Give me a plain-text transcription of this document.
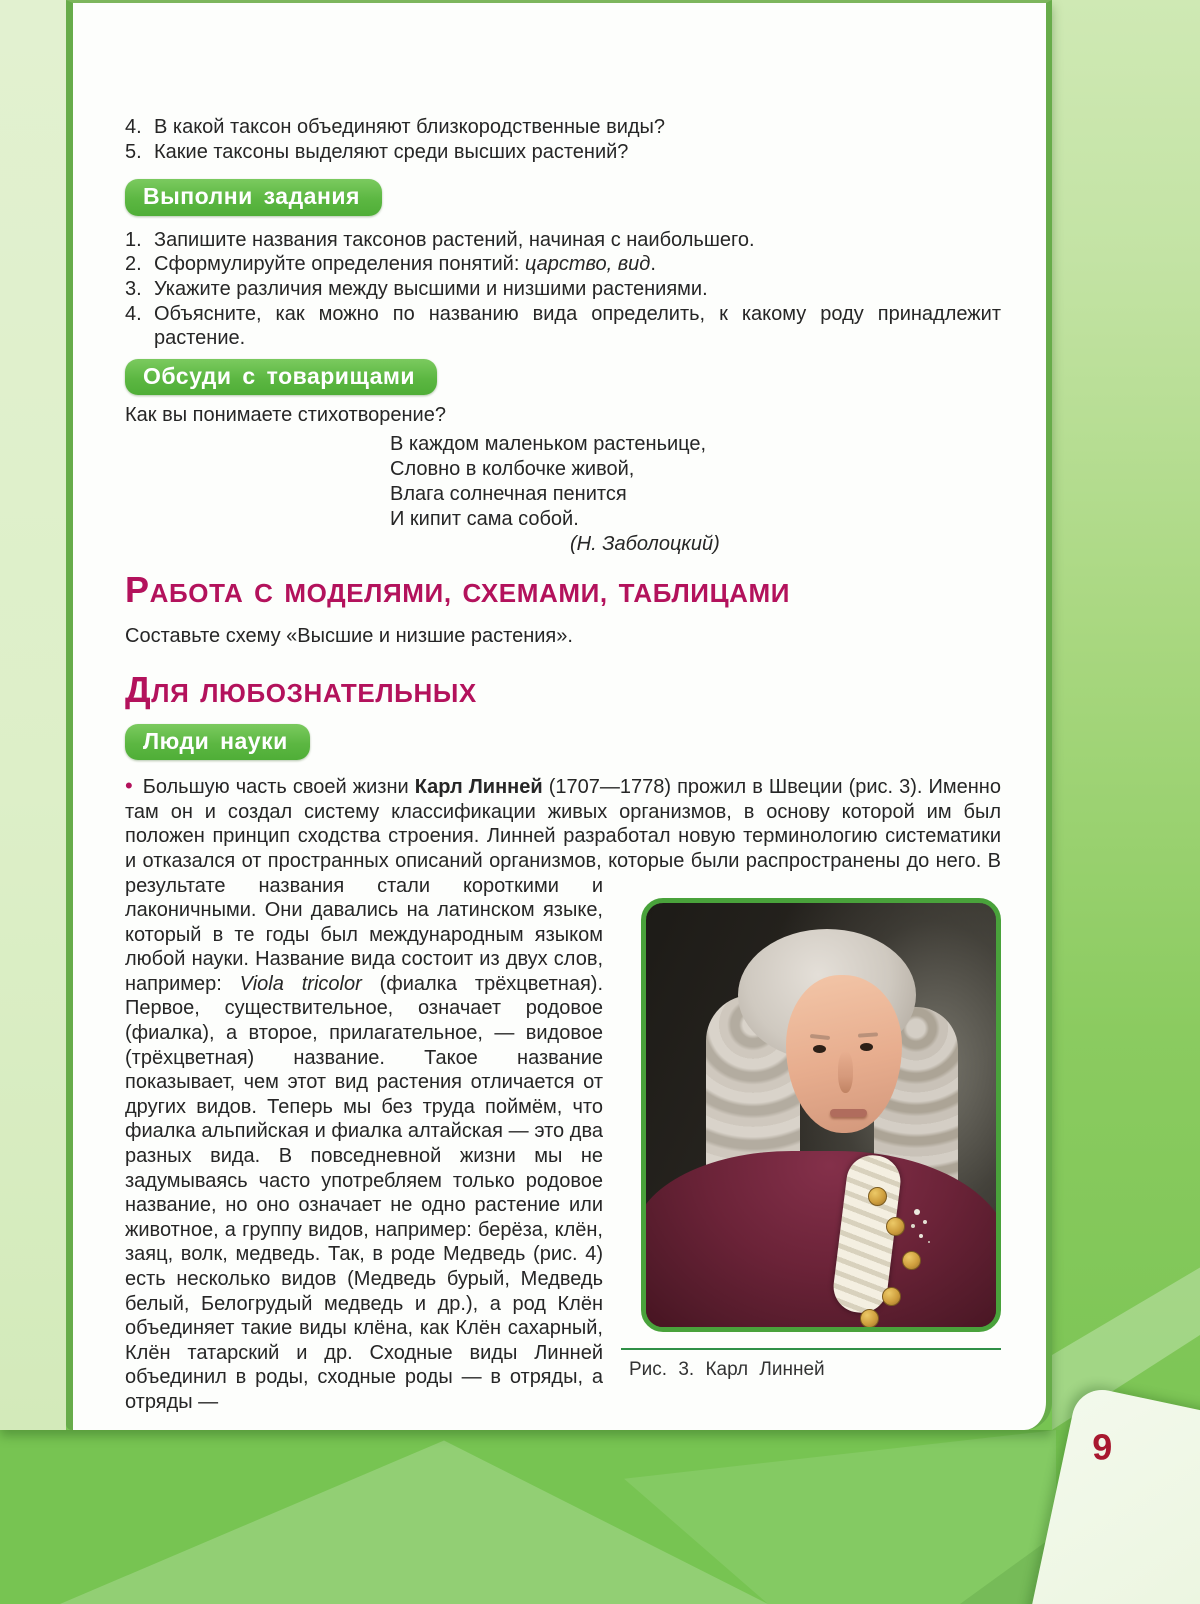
9
4. В какой таксон объединяют близкородственные виды?
5. Какие таксоны выделяют среди высших растений?
Выполни задания
1. Запишите названия таксонов растений, начиная с наибольшего.
2. Сформулируйте определения понятий: царство, вид.
3. Укажите различия между высшими и низшими растениями.
4. Объясните, как можно по названию вида определить, к какому роду принадлежит растение.
Обсуди с товарищами
Как вы понимаете стихотворение?
В каждом маленьком растеньице,
Словно в колбочке живой,
Влага солнечная пенится
И кипит сама собой.
(Н. Заболоцкий)
РАБОТА С МОДЕЛЯМИ, СХЕМАМИ, ТАБЛИЦАМИ
Составьте схему «Высшие и низшие растения».
ДЛЯ ЛЮБОЗНАТЕЛЬНЫХ
Люди науки
Рис. 3. Карл Линней
• Большую часть своей жизни Карл Линней (1707—1778) прожил в Швеции (рис. 3). Именно там он и создал систему классификации живых организмов, в основу которой им был положен принцип сходства строения. Линней разработал новую терминологию систематики и отказался от пространных описаний организмов, которые были распространены до него. В результате названия стали короткими и лаконичными. Они давались на латинском языке, который в те годы был международным языком любой науки. Название вида состоит из двух слов, например: Viola tricolor (фиалка трёхцветная). Первое, существительное, означает родовое (фиалка), а второе, прилагательное, — видовое (трёхцветная) название. Такое название показывает, чем этот вид растения отличается от других видов. Теперь мы без труда поймём, что фиалка альпийская и фиалка алтайская — это два разных вида. В повседневной жизни мы не задумываясь часто употребляем только родовое название, но оно означает не одно растение или животное, а группу видов, например: берёза, клён, заяц, волк, медведь. Так, в роде Медведь (рис. 4) есть несколько видов (Медведь бурый, Медведь белый, Белогрудый медведь и др.), а род Клён объединяет такие виды клёна, как Клён сахарный, Клён татарский и др. Сходные виды Линней объединил в роды, сходные роды — в отряды, а отряды —
